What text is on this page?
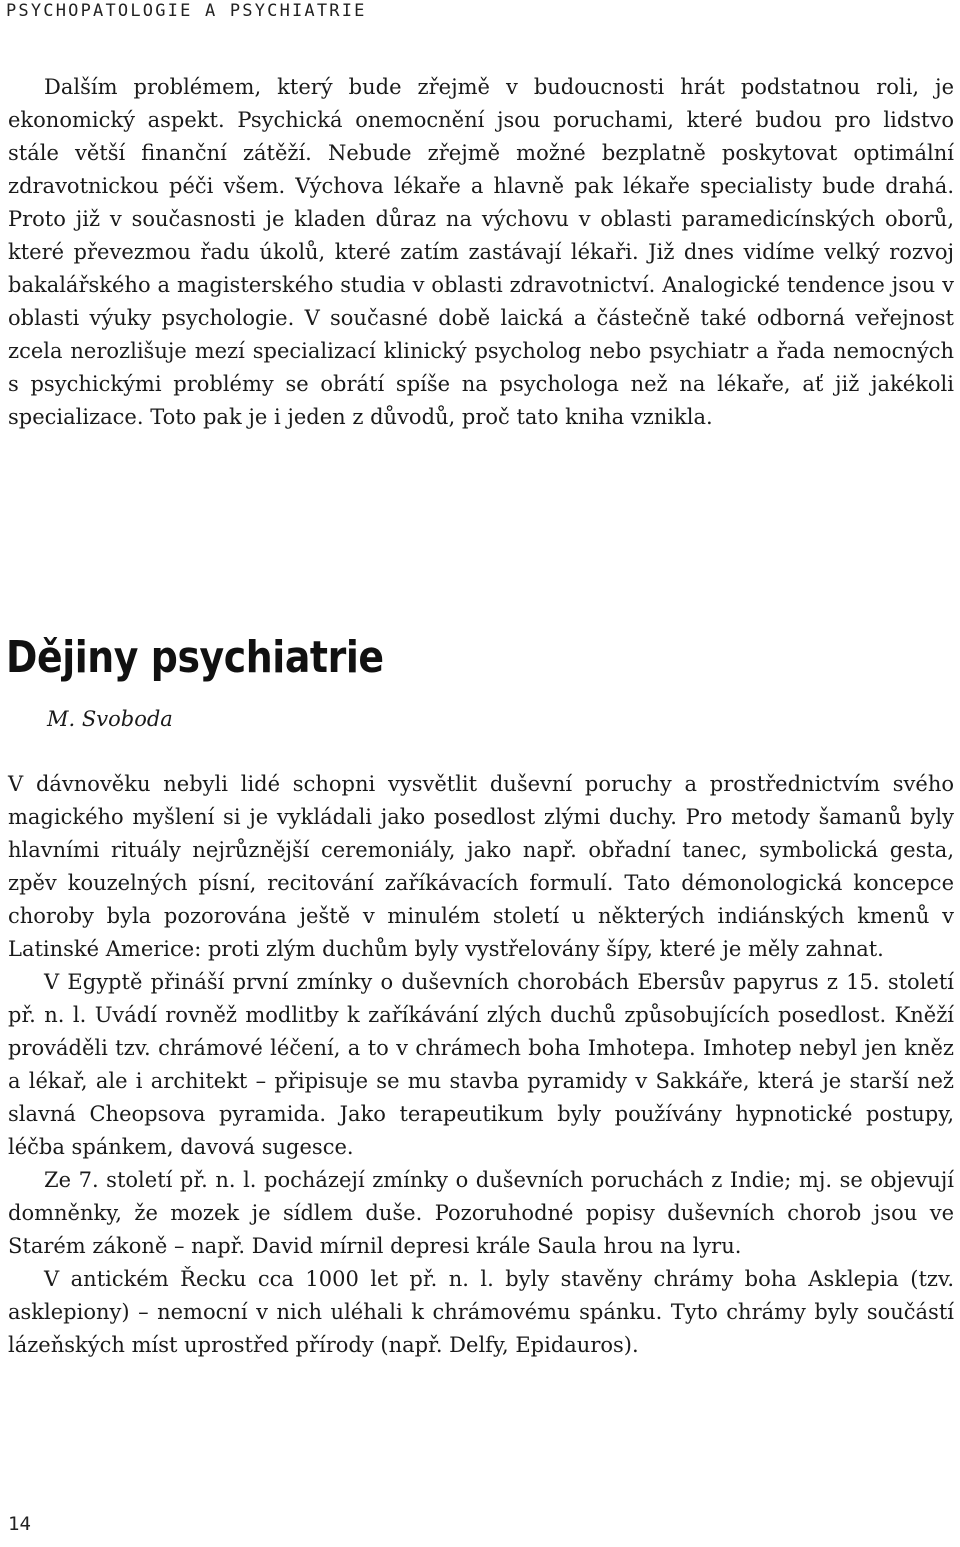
PSYCHOPATOLOGIE A PSYCHIATRIE

Dalším problémem, který bude zřejmě v budoucnosti hrát podstatnou roli, je ekonomický aspekt. Psychická onemocnění jsou poruchami, které budou pro lidstvo stále větší finanční zátěží. Nebude zřejmě možné bezplatně poskytovat optimální zdravotnickou péči všem. Výchova lékaře a hlavně pak lékaře specialisty bude drahá. Proto již v současnosti je kladen důraz na výchovu v oblasti paramedicínských oborů, které převezmou řadu úkolů, které zatím zastávají lékaři. Již dnes vidíme velký rozvoj bakalářského a magisterského studia v oblasti zdravotnictví. Analogické tendence jsou v oblasti výuky psychologie. V současné době laická a částečně také odborná veřejnost zcela nerozlišuje mezí specializací klinický psycholog nebo psychiatr a řada nemocných s psychickými problémy se obrátí spíše na psychologa než na lékaře, ať již jakékoli specializace. Toto pak je i jeden z důvodů, proč tato kniha vznikla.

Dějiny psychiatrie
M. Svoboda

V dávnověku nebyli lidé schopni vysvětlit duševní poruchy a prostřednictvím svého magického myšlení si je vykládali jako posedlost zlými duchy. Pro metody šamanů byly hlavními rituály nejrůznější ceremoniály, jako např. obřadní tanec, symbolická gesta, zpěv kouzelných písní, recitování zaříkávacích formulí. Tato démonologická koncepce choroby byla pozorována ještě v minulém století u některých indiánských kmenů v Latinské Americe: proti zlým duchům byly vystřelovány šípy, které je měly zahnat.

V Egyptě přináší první zmínky o duševních chorobách Ebersův papyrus z 15. století př. n. l. Uvádí rovněž modlitby k zaříkávání zlých duchů způsobujících posedlost. Kněží prováděli tzv. chrámové léčení, a to v chrámech boha Imhotepa. Imhotep nebyl jen kněz a lékař, ale i architekt – připisuje se mu stavba pyramidy v Sakkáře, která je starší než slavná Cheopsova pyramida. Jako terapeutikum byly používány hypnotické postupy, léčba spánkem, davová sugesce.

Ze 7. století př. n. l. pocházejí zmínky o duševních poruchách z Indie; mj. se objevují domněnky, že mozek je sídlem duše. Pozoruhodné popisy duševních chorob jsou ve Starém zákoně – např. David mírnil depresi krále Saula hrou na lyru.

V antickém Řecku cca 1000 let př. n. l. byly stavěny chrámy boha Asklepia (tzv. asklepiony) – nemocní v nich uléhali k chrámovému spánku. Tyto chrámy byly součástí lázeňských míst uprostřed přírody (např. Delfy, Epidauros).

14
